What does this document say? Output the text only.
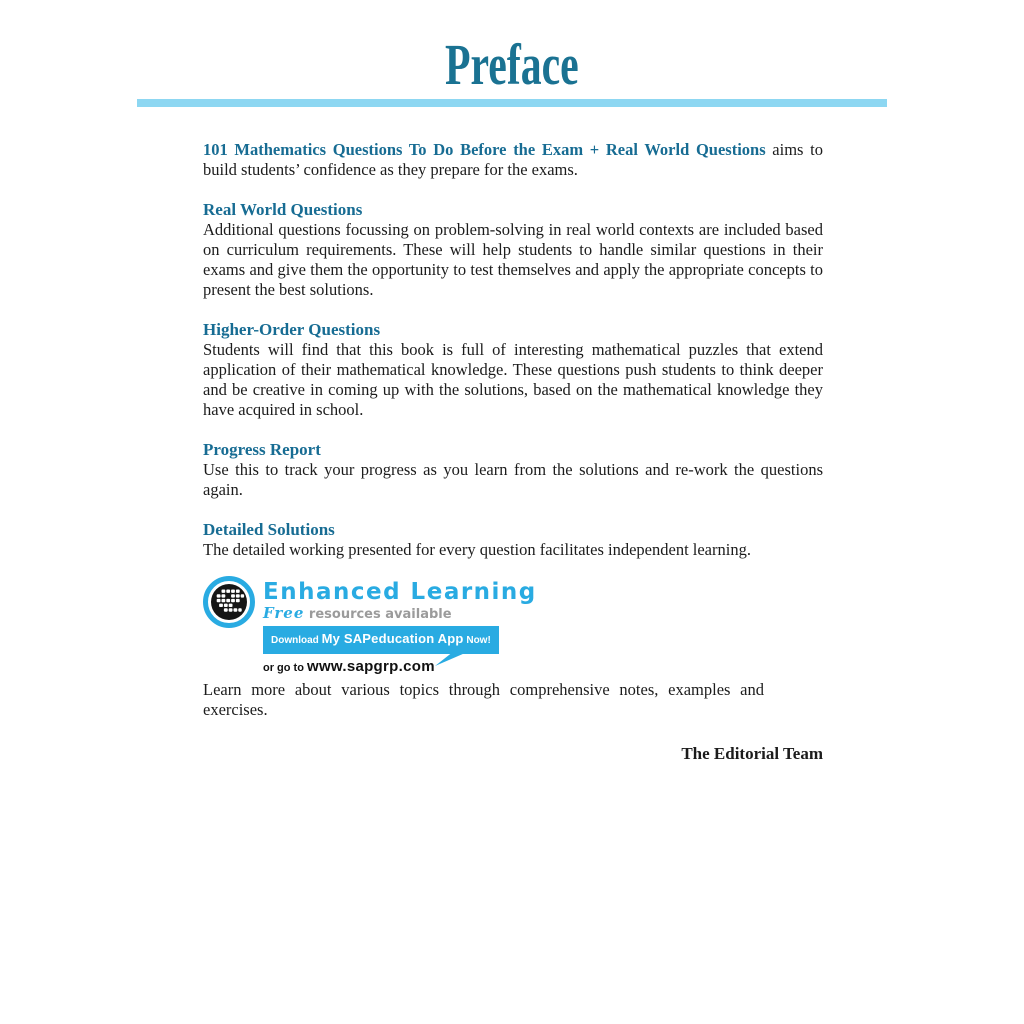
Preface

101 Mathematics Questions To Do Before the Exam + Real World Questions aims to build students’ confidence as they prepare for the exams.

Real World Questions

Additional questions focussing on problem-solving in real world contexts are included based on curriculum requirements. These will help students to handle similar questions in their exams and give them the opportunity to test themselves and apply the appropriate concepts to present the best solutions.

Higher-Order Questions

Students will find that this book is full of interesting mathematical puzzles that extend application of their mathematical knowledge. These questions push students to think deeper and be creative in coming up with the solutions, based on the mathematical knowledge they have acquired in school.

Progress Report

Use this to track your progress as you learn from the solutions and re-work the questions again.

Detailed Solutions

The detailed working presented for every question facilitates independent learning.

Enhanced Learning
Free resources available
Download My SAPeducation App Now!
or go to www.sapgrp.com

Learn more about various topics through comprehensive notes, examples and exercises.

The Editorial Team
